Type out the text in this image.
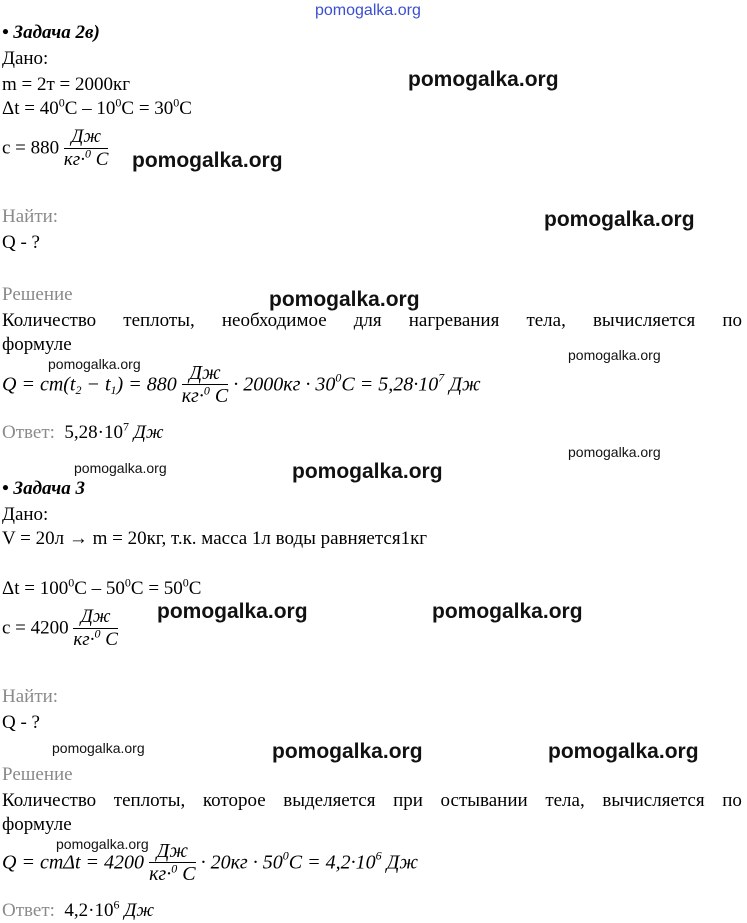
pomogalka.org
• Задача 2в)
Дано:
m = 2т = 2000кг
$\Delta t = 40^0C - 10^0C = 30^0C$
$c = 880 \frac{Дж}{кг\cdot^0 C}$
pomogalka.org
pomogalka.org
pomogalka.org
Найти:
Q - ?
Решение	pomogalka.org
Количество теплоты, необходимое для нагревания тела, вычисляется по
формуле
pomogalka.org
pomogalka.org
$Q = cm(t_2 - t_1) = 880 \frac{Дж}{кг\cdot^0 C} \cdot 2000кг \cdot 30^0C = 5,28\cdot 10^7$ Дж
Ответ: $5,28\cdot 10^7$ Дж
pomogalka.org
pomogalka.org	pomogalka.org
• Задача 3
Дано:
V = 20л → m = 20кг, т.к. масса 1л воды равняется1кг
$\Delta t = 100^0C - 50^0C = 50^0C$
$c = 4200 \frac{Дж}{кг\cdot^0 C}$ pomogalka.org	pomogalka.org
Найти:
Q - ?
pomogalka.org	pomogalka.org	pomogalka.org
Решение
Количество теплоты, которое выделяется при остывании тела, вычисляется по
формуле
pomogalka.org
$Q = cm\Delta t = 4200 \frac{Дж}{кг\cdot^0 C} \cdot 20кг \cdot 50^0C = 4,2\cdot 10^6$ Дж
Ответ: $4,2\cdot 10^6$ Дж
